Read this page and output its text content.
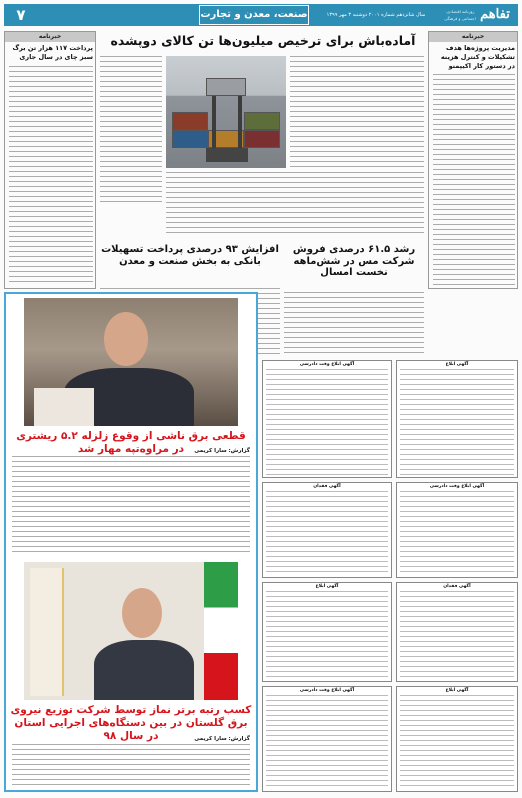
۷	صنعت، معدن و تجارت	سال شانزدهم شماره ۲۰۰۱ دوشنبه ۳ مهر ۱۳۹۹
روزنامه اقتصادی، اجتماعی و فرهنگی تفاهم
خبرنامه
پرداخت ۱۱۷ هزار تن برگ سبز چای در سال جاری
خبرنامه
مدیریت پروژه‌ها هدف تشکیلات و کنترل هزینه در دستور کار اکیپمنو
آماده‌باش برای ترخیص میلیون‌ها تن کالای دوپشده
رشد ۶۱.۵ درصدی فروش شرکت مس در شش‌ماهه نخست امسال
افزایش ۹۳ درصدی پرداخت تسهیلات بانکی به بخش صنعت و معدن
قطعی برق ناشی از وقوع زلزله ۵.۲ ریشتری در مراوه‌تپه مهار شد	گزارش: سارا کریمی
کسب رتبه برتر نماز توسط شرکت توزیع نیروی برق گلستان در بین دستگاه‌های اجرایی استان در سال ۹۸	گزارش: سارا کریمی
آگهی ابلاغ وقت دادرسی	آگهی ابلاغ
آگهی فقدان	آگهی ابلاغ وقت دادرسی
آگهی ابلاغ	آگهی فقدان
آگهی ابلاغ وقت دادرسی	آگهی ابلاغ
